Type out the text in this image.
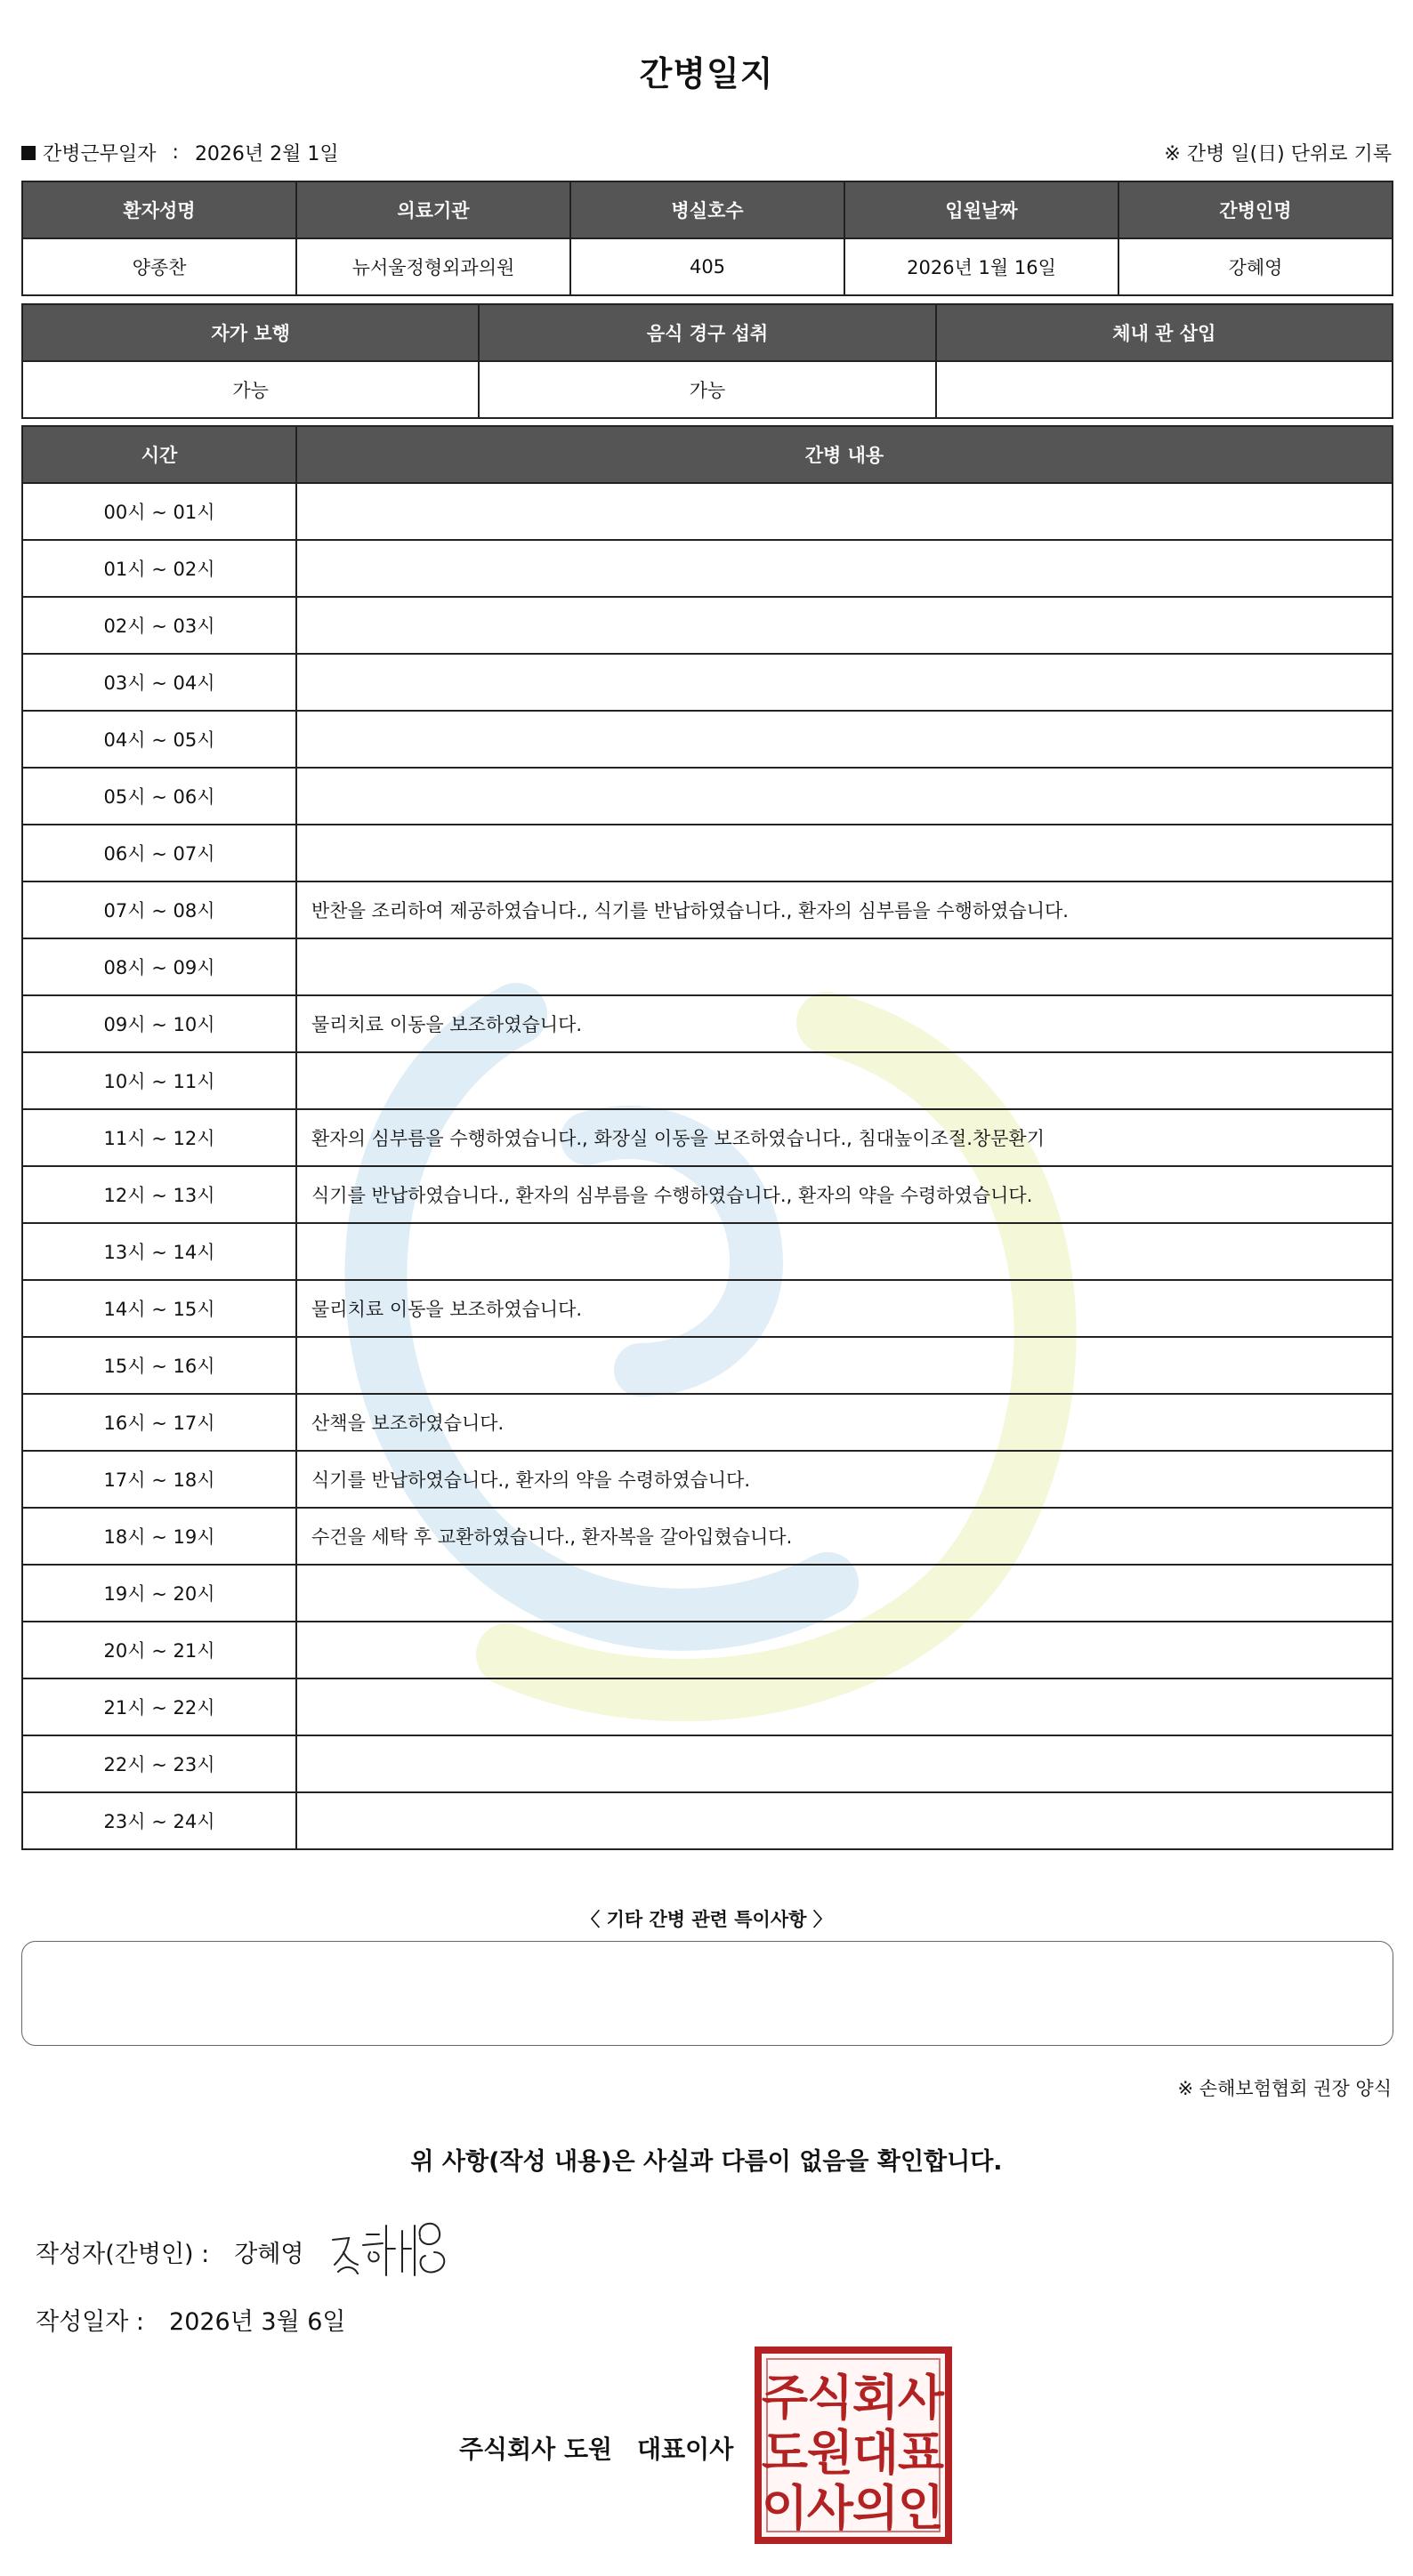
간병일지
간병근무일자 : 2026년 2월 1일	※ 간병 일(日) 단위로 기록
환자성명	의료기관	병실호수	입원날짜	간병인명
양종찬	뉴서울정형외과의원	405	2026년 1월 16일	강혜영
자가 보행	음식 경구 섭취	체내 관 삽입
가능	가능	
시간	간병 내용
00시 ~ 01시	
01시 ~ 02시	
02시 ~ 03시	
03시 ~ 04시	
04시 ~ 05시	
05시 ~ 06시	
06시 ~ 07시	
07시 ~ 08시	반찬을 조리하여 제공하였습니다., 식기를 반납하였습니다., 환자의 심부름을 수행하였습니다.
08시 ~ 09시	
09시 ~ 10시	물리치료 이동을 보조하였습니다.
10시 ~ 11시	
11시 ~ 12시	환자의 심부름을 수행하였습니다., 화장실 이동을 보조하였습니다., 침대높이조절.창문환기
12시 ~ 13시	식기를 반납하였습니다., 환자의 심부름을 수행하였습니다., 환자의 약을 수령하였습니다.
13시 ~ 14시	
14시 ~ 15시	물리치료 이동을 보조하였습니다.
15시 ~ 16시	
16시 ~ 17시	산책을 보조하였습니다.
17시 ~ 18시	식기를 반납하였습니다., 환자의 약을 수령하였습니다.
18시 ~ 19시	수건을 세탁 후 교환하였습니다., 환자복을 갈아입혔습니다.
19시 ~ 20시	
20시 ~ 21시	
21시 ~ 22시	
22시 ~ 23시	
23시 ~ 24시	
〈 기타 간병 관련 특이사항 〉
※ 손해보험협회 권장 양식
위 사항(작성 내용)은 사실과 다름이 없음을 확인합니다.
작성자(간병인) : 강혜영
작성일자 : 2026년 3월 6일
주식회사 도원 대표이사
주
식
회
사
도
원
대
표
이
사
의
인
